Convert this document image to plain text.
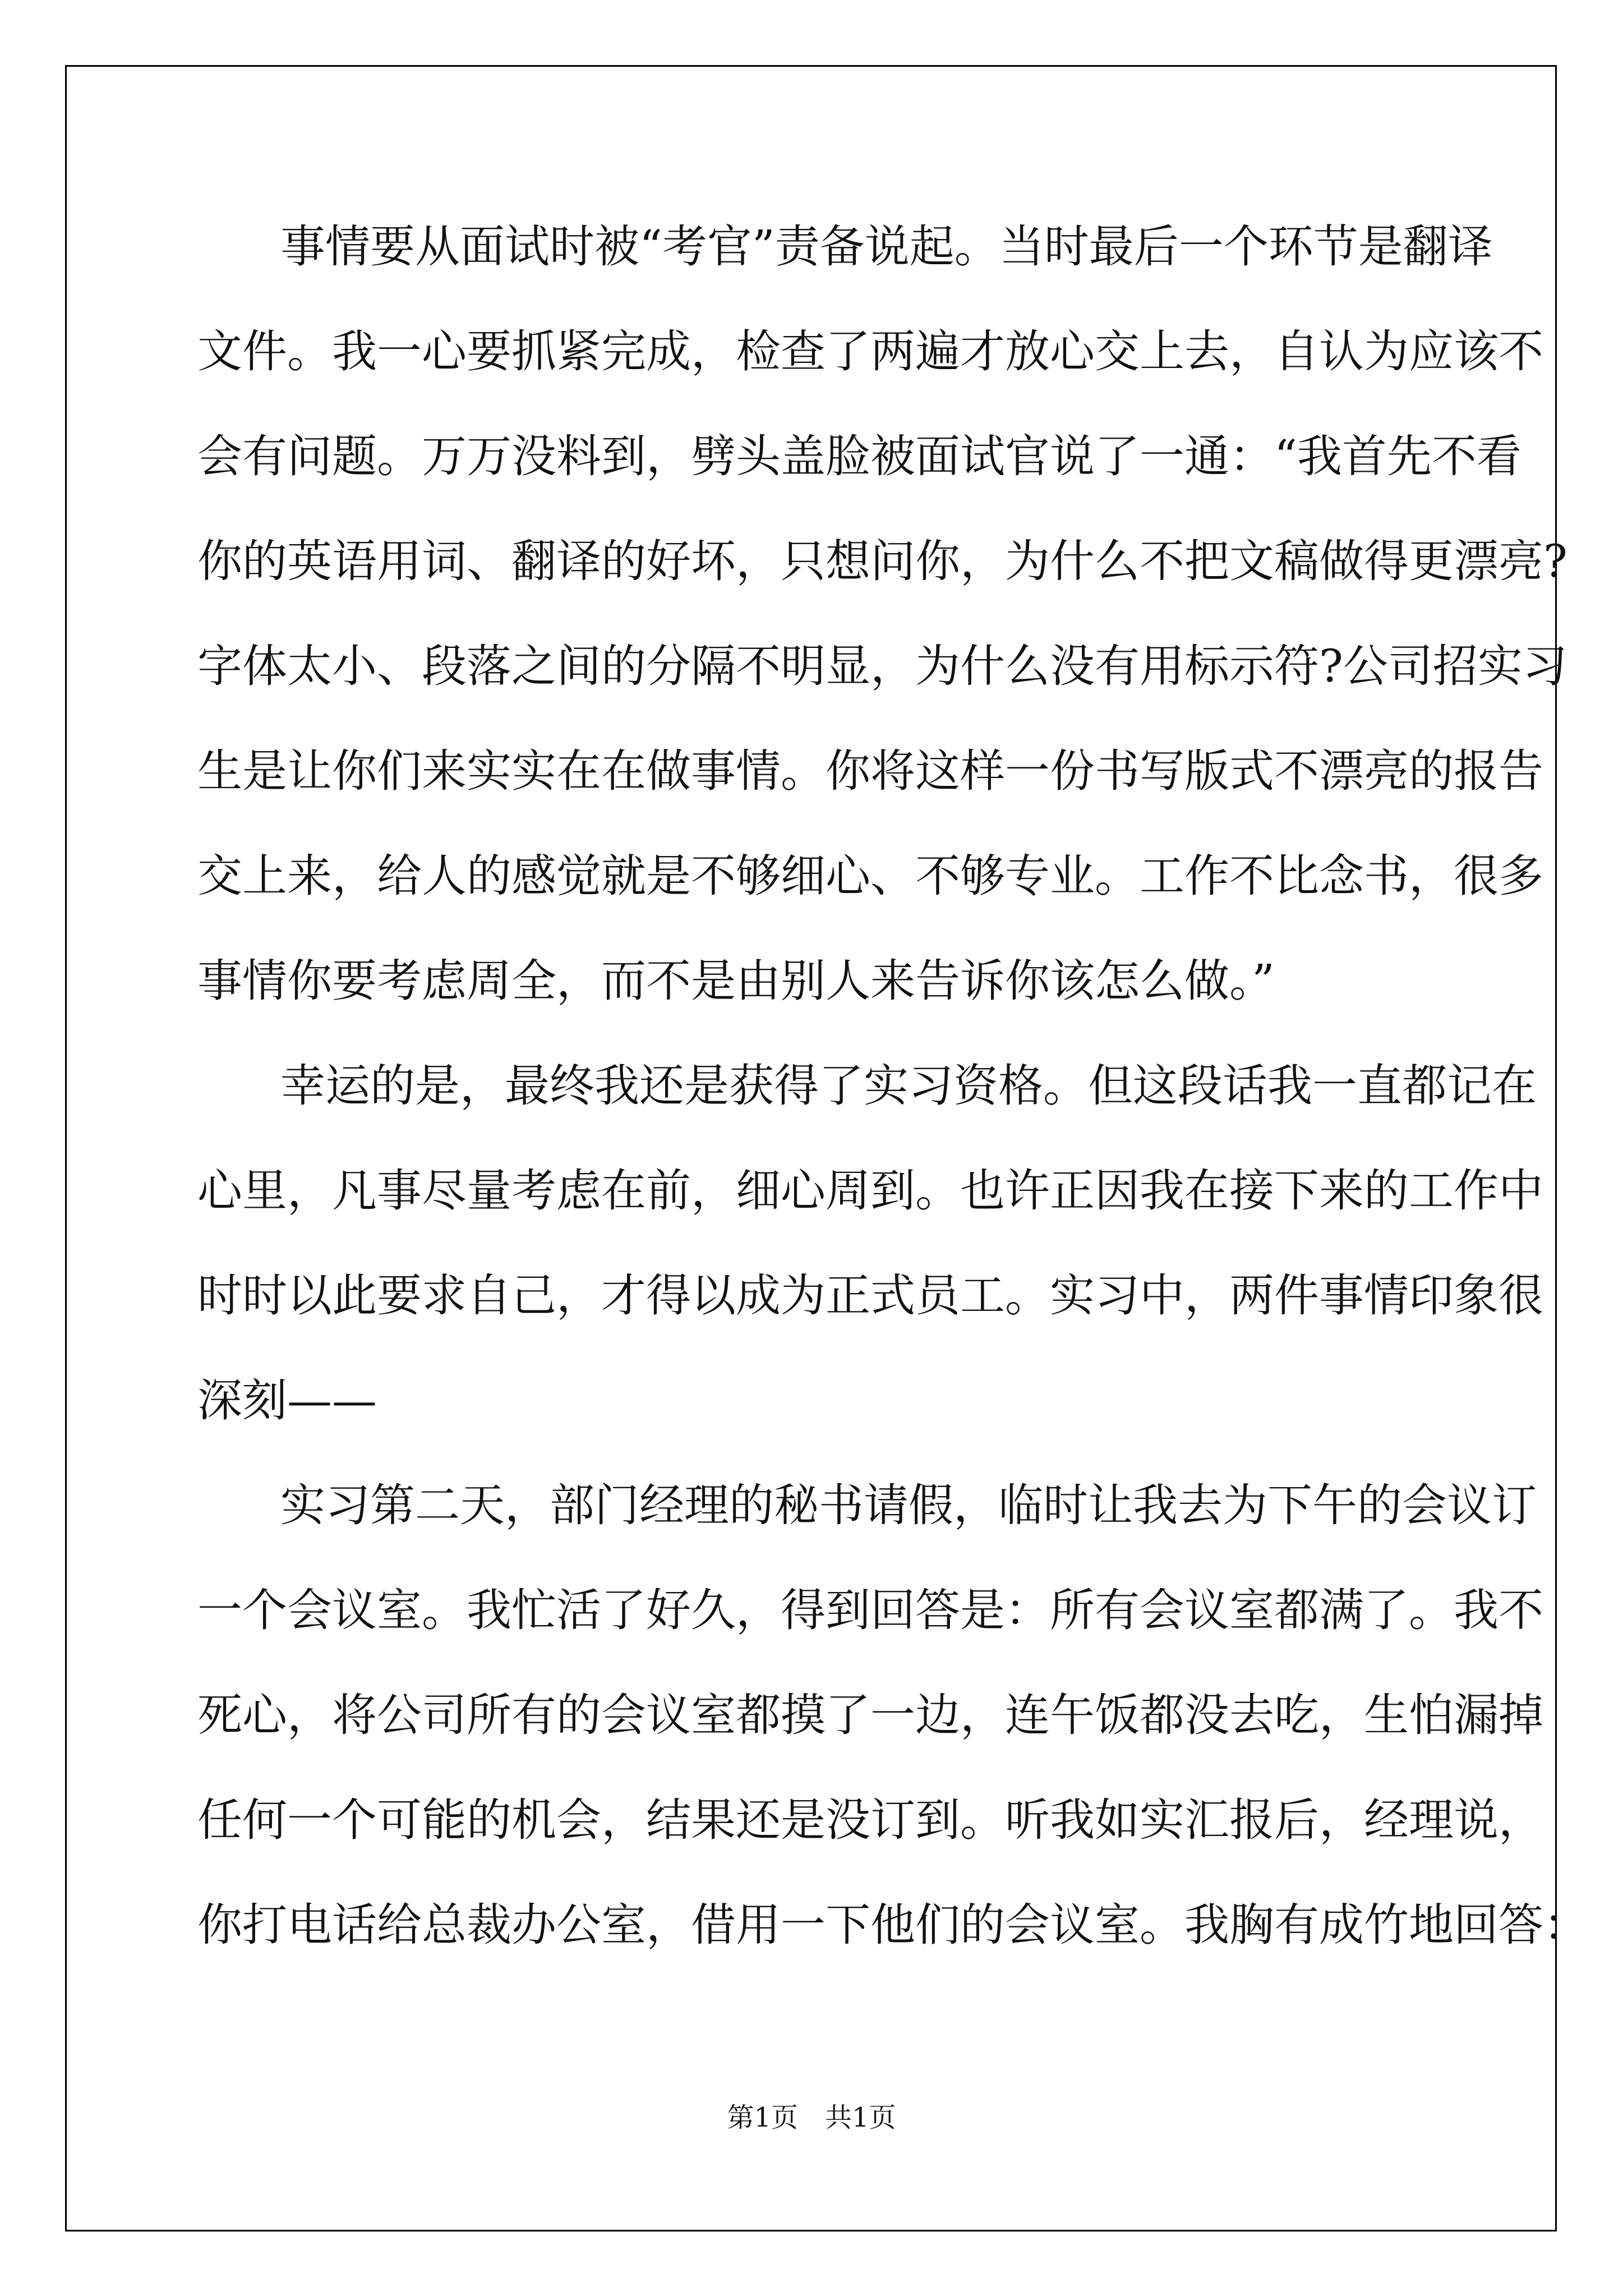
事情要从面试时被“考官”责备说起。当时最后一个环节是翻译

文件。我一心要抓紧完成，检查了两遍才放心交上去，自认为应该不

会有问题。万万没料到，劈头盖脸被面试官说了一通：“我首先不看

你的英语用词、翻译的好坏，只想问你，为什么不把文稿做得更漂亮?

字体太小、段落之间的分隔不明显，为什么没有用标示符?公司招实习

生是让你们来实实在在做事情。你将这样一份书写版式不漂亮的报告

交上来，给人的感觉就是不够细心、不够专业。工作不比念书，很多

事情你要考虑周全，而不是由别人来告诉你该怎么做。”

幸运的是，最终我还是获得了实习资格。但这段话我一直都记在

心里，凡事尽量考虑在前，细心周到。也许正因我在接下来的工作中

时时以此要求自己，才得以成为正式员工。实习中，两件事情印象很

深刻——

实习第二天，部门经理的秘书请假，临时让我去为下午的会议订

一个会议室。我忙活了好久，得到回答是：所有会议室都满了。我不

死心，将公司所有的会议室都摸了一边，连午饭都没去吃，生怕漏掉

任何一个可能的机会，结果还是没订到。听我如实汇报后，经理说，

你打电话给总裁办公室，借用一下他们的会议室。我胸有成竹地回答：

第1页　共1页
